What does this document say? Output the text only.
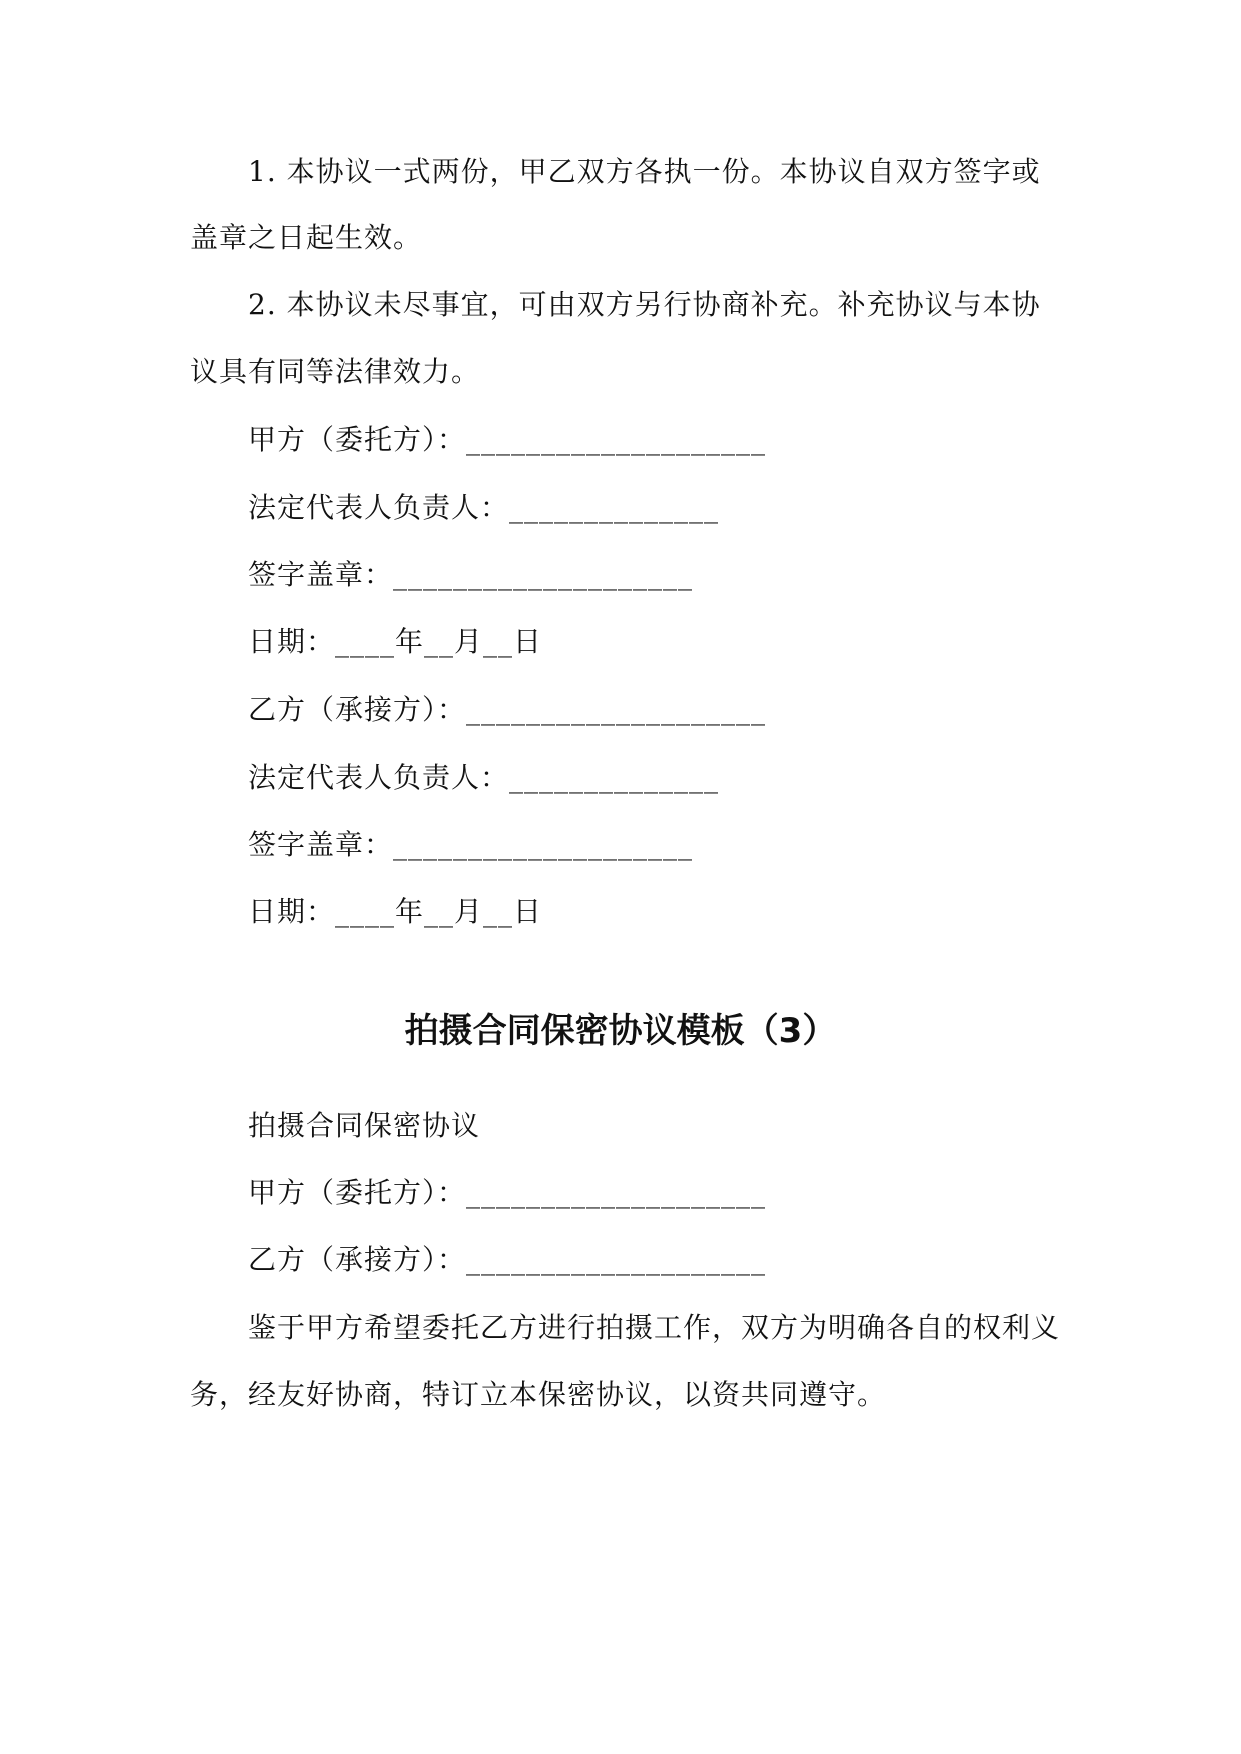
1. 本协议一式两份，甲乙双方各执一份。本协议自双方签字或
盖章之日起生效。
2. 本协议未尽事宜，可由双方另行协商补充。补充协议与本协
议具有同等法律效力。
甲方（委托方）：____________________
法定代表人负责人：______________
签字盖章：____________________
日期：____年__月__日
乙方（承接方）：____________________
法定代表人负责人：______________
签字盖章：____________________
日期：____年__月__日
拍摄合同保密协议模板（3）
拍摄合同保密协议
甲方（委托方）：____________________
乙方（承接方）：____________________
鉴于甲方希望委托乙方进行拍摄工作，双方为明确各自的权利义
务，经友好协商，特订立本保密协议，以资共同遵守。
